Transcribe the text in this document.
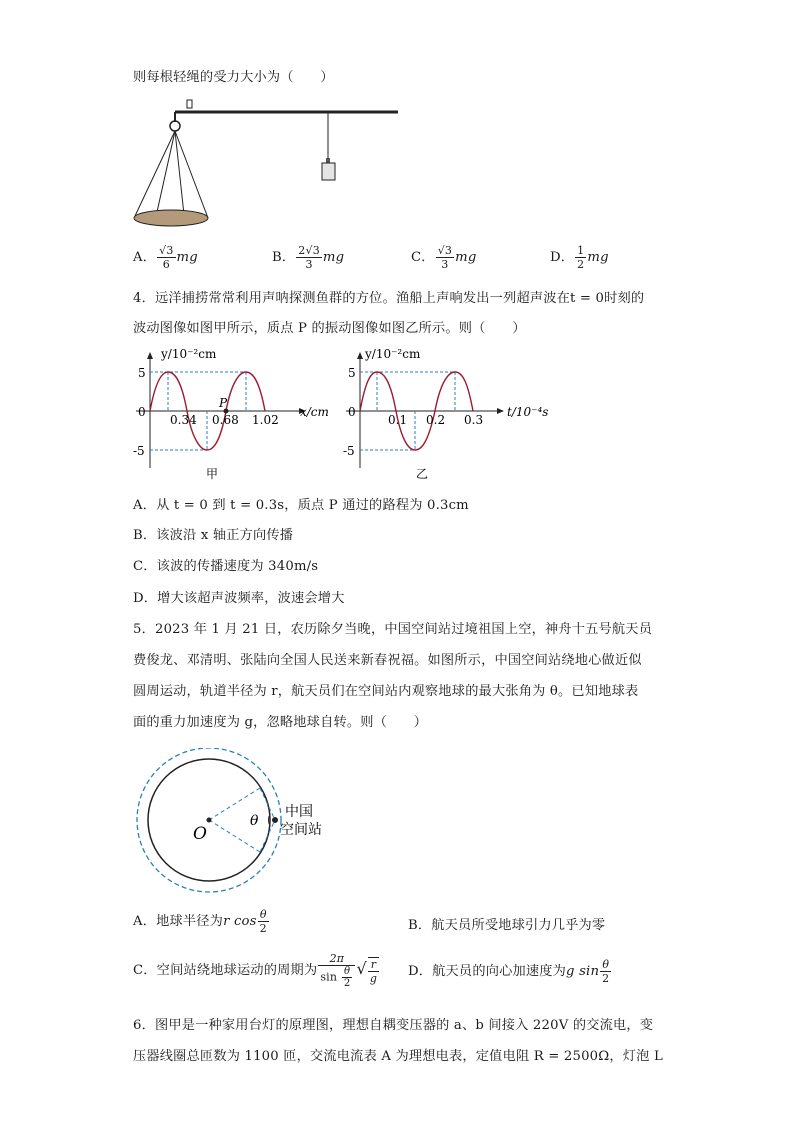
则每根轻绳的受力大小为（　　）
A． $\frac{√3}{6}$ mg	B． $\frac{2√3}{3}$ mg	C． $\frac{√3}{3}$ mg	D． $\frac{1}{2}$ mg
4．远洋捕捞常常利用声呐探测鱼群的方位。渔船上声响发出一列超声波在t = 0时刻的
波动图像如图甲所示，质点 P 的振动图像如图乙所示。则（　　）
y/10⁻²cm
x/cm
0
5
-5
0.34 0.68 1.02
P
甲
y/10⁻²cm
t/10⁻⁴s
0
5
-5
0.1 0.2 0.3
乙
A．从 t = 0 到 t = 0.3s，质点 P 通过的路程为 0.3cm
B．该波沿 x 轴正方向传播
C．该波的传播速度为 340m/s
D．增大该超声波频率，波速会增大
5．2023 年 1 月 21 日，农历除夕当晚，中国空间站过境祖国上空，神舟十五号航天员
费俊龙、邓清明、张陆向全国人民送来新春祝福。如图所示，中国空间站绕地心做近似
圆周运动，轨道半径为 r，航天员们在空间站内观察地球的最大张角为 θ。已知地球表
面的重力加速度为 g，忽略地球自转。则（　　）
O
θ
中国
空间站
A．地球半径为r $\cos \frac{\theta}{2}$	B．航天员所受地球引力几乎为零
C．空间站绕地球运动的周期为 $\frac{2\pi}{\sin \frac{\theta}{2}}$ √ $\frac{r}{g}$ D．航天员的向心加速度为g $\sin \frac{\theta}{2}$
6．图甲是一种家用台灯的原理图，理想自耦变压器的 a、b 间接入 220V 的交流电，变
压器线圈总匝数为 1100 匝，交流电流表 A 为理想电表，定值电阻 R = 2500Ω，灯泡 L
